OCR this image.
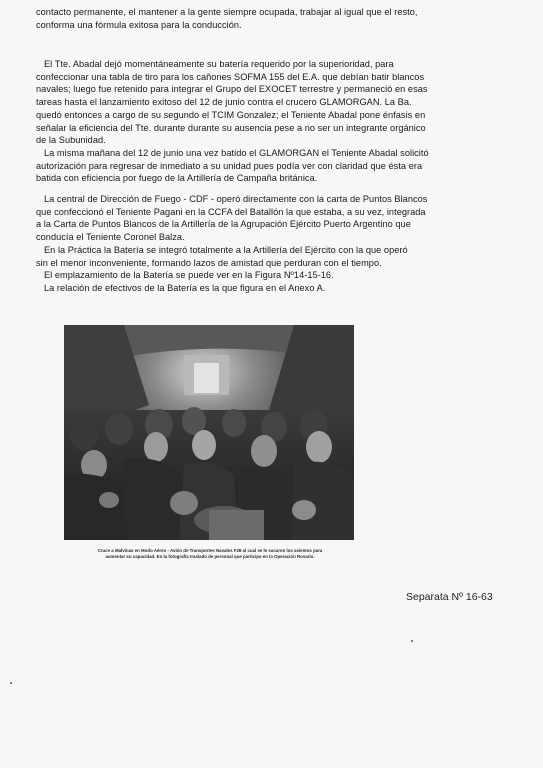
contacto permanente, el mantener a la gente siempre ocupada, trabajar al igual que el resto,
conforma una fórmula exitosa para la conducción.
El Tte. Abadal dejó momentáneamente su batería requerido por la superioridad, para
confeccionar una tabla de tiro para los cañones SOFMA 155 del E.A. que debían batir blancos
navales; luego fue retenido para integrar el Grupo del EXOCET terrestre y permaneció en esas
tareas hasta el lanzamiento exitoso del 12 de junio contra el crucero GLAMORGAN. La Ba.
quedó entonces a cargo de su segundo el TCIM Gonzalez; el Teniente Abadal pone énfasis en
señalar la eficiencia del Tte. durante durante su ausencia pese a no ser un integrante orgánico
de la Subunidad.
La misma mañana del 12 de junio una vez batido el GLAMORGAN el Teniente Abadal solicitó
autorización para regresar de inmediato a su unidad pues podía ver con claridad que ésta era
batida con eficiencia por fuego de la Artillería de Campaña británica.
La central de Dirección de Fuego - CDF - operó directamente con la carta de Puntos Blancos
que confeccionó el Teniente Pagani en la CCFA del Batallón la que estaba, a su vez, integrada
a la Carta de Puntos Blancos de la Artillería de la Agrupación Ejército Puerto Argentino que
conducía el Teniente Coronel Balza.
En la Práctica la Batería se integró totalmente a la Artillería del Ejército con la que operó
sin el menor inconveniente, formando lazos de amistad que perduran con el tiempo.
El emplazamiento de la Batería se puede ver en la Figura Nº14-15-16.
La relación de efectivos de la Batería es la que figura en el Anexo A.
Cruce a Malvinas en Modo Aéreo - Avión de Transportes Navales F28 al cual se le sacaron los asientos para
aumentar su capacidad. En la fotografía traslado de personal que participo en la Operación Rosario.
Separata Nº 16-63
